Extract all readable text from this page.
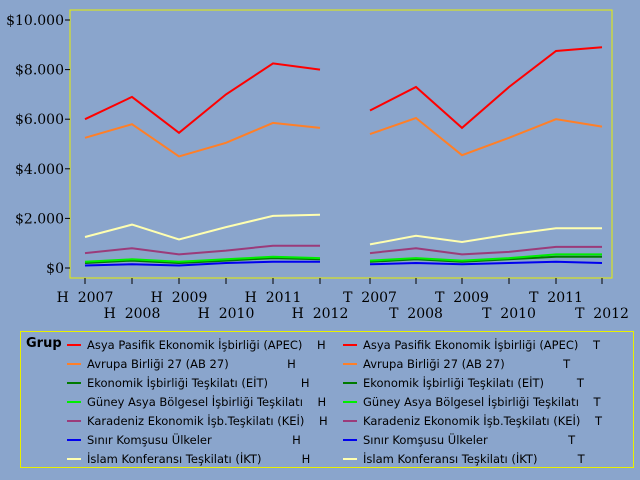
$0
$2.000
$4.000
$6.000
$8.000
$10.000
H  2007
H  2008
H  2009
H  2010
H  2011
H  2012
T  2007
T  2008
T  2009
T  2010
T  2011
T  2012
Grup Asya Pasifik Ekonomik İşbirliği (APEC)    H	Asya Pasifik Ekonomik İşbirliği (APEC)    T
Avrupa Birliği 27 (AB 27)                H	Avrupa Birliği 27 (AB 27)                T
Ekonomik İşbirliği Teşkilatı (EİT)         H	Ekonomik İşbirliği Teşkilatı (EİT)         T
Güney Asya Bölgesel İşbirliği Teşkilatı    H	Güney Asya Bölgesel İşbirliği Teşkilatı    T
Karadeniz Ekonomik İşb.Teşkilatı (KEİ)    H	Karadeniz Ekonomik İşb.Teşkilatı (KEİ)    T
Sınır Komşusu Ülkeler                      H	Sınır Komşusu Ülkeler                      T
İslam Konferansı Teşkilatı (İKT)           H	İslam Konferansı Teşkilatı (İKT)           T
